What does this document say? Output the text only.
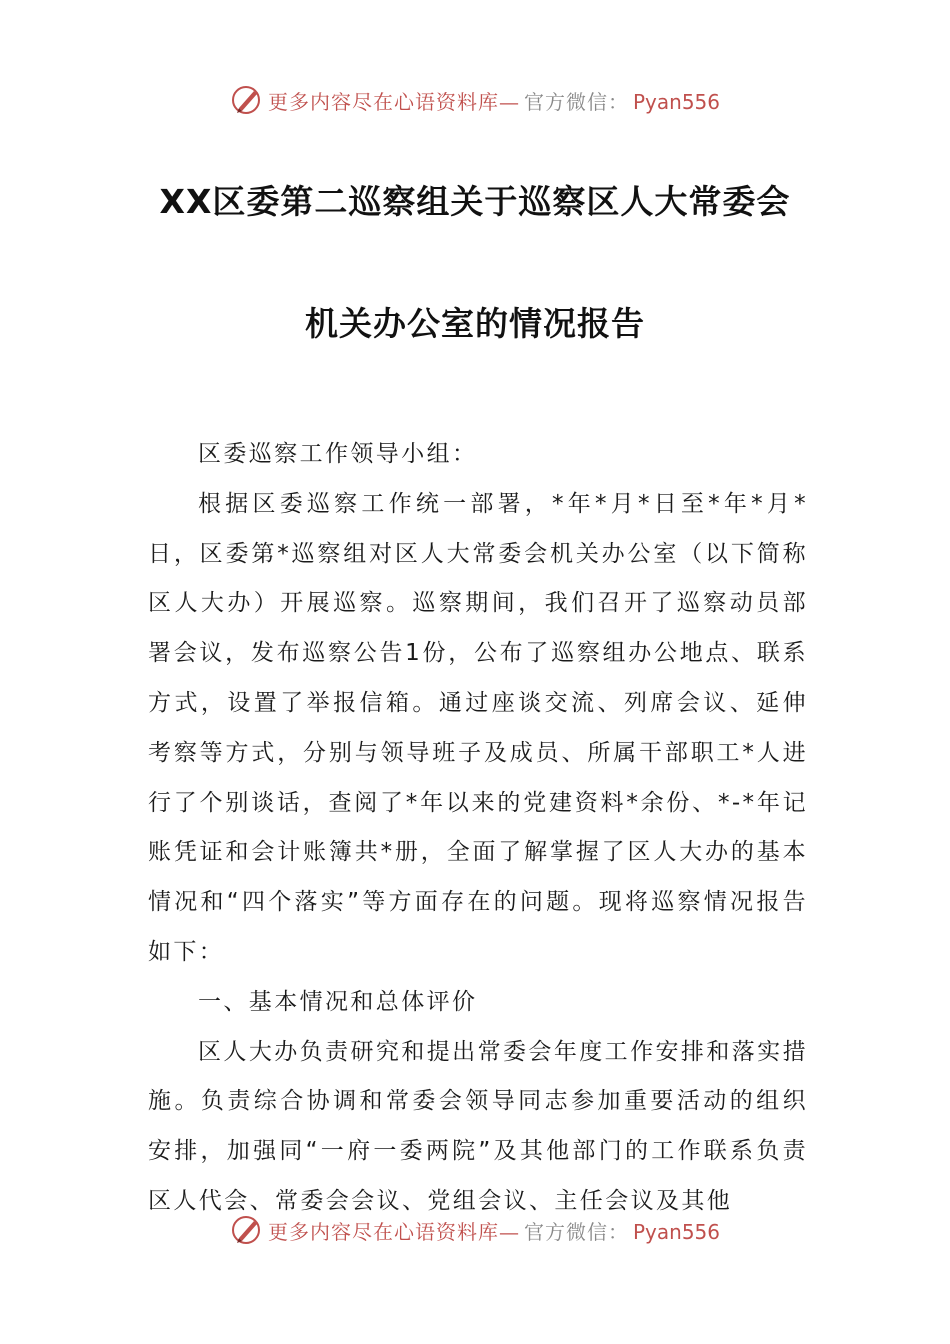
更多内容尽在心语资料库— 官方微信： Pyan556
XX区委第二巡察组关于巡察区人大常委会
机关办公室的情况报告

区委巡察工作领导小组：

根据区委巡察工作统一部署，*年*月*日至*年*月*日，区委第*巡察组对区人大常委会机关办公室（以下简称区人大办）开展巡察。巡察期间，我们召开了巡察动员部署会议，发布巡察公告1份，公布了巡察组办公地点、联系方式，设置了举报信箱。通过座谈交流、列席会议、延伸考察等方式，分别与领导班子及成员、所属干部职工*人进行了个别谈话，查阅了*年以来的党建资料*余份、*-*年记账凭证和会计账簿共*册，全面了解掌握了区人大办的基本情况和“四个落实”等方面存在的问题。现将巡察情况报告如下：

一、基本情况和总体评价

区人大办负责研究和提出常委会年度工作安排和落实措施。负责综合协调和常委会领导同志参加重要活动的组织安排，加强同“一府一委两院”及其他部门的工作联系负责区人代会、常委会会议、党组会议、主任会议及其他

更多内容尽在心语资料库— 官方微信： Pyan556
